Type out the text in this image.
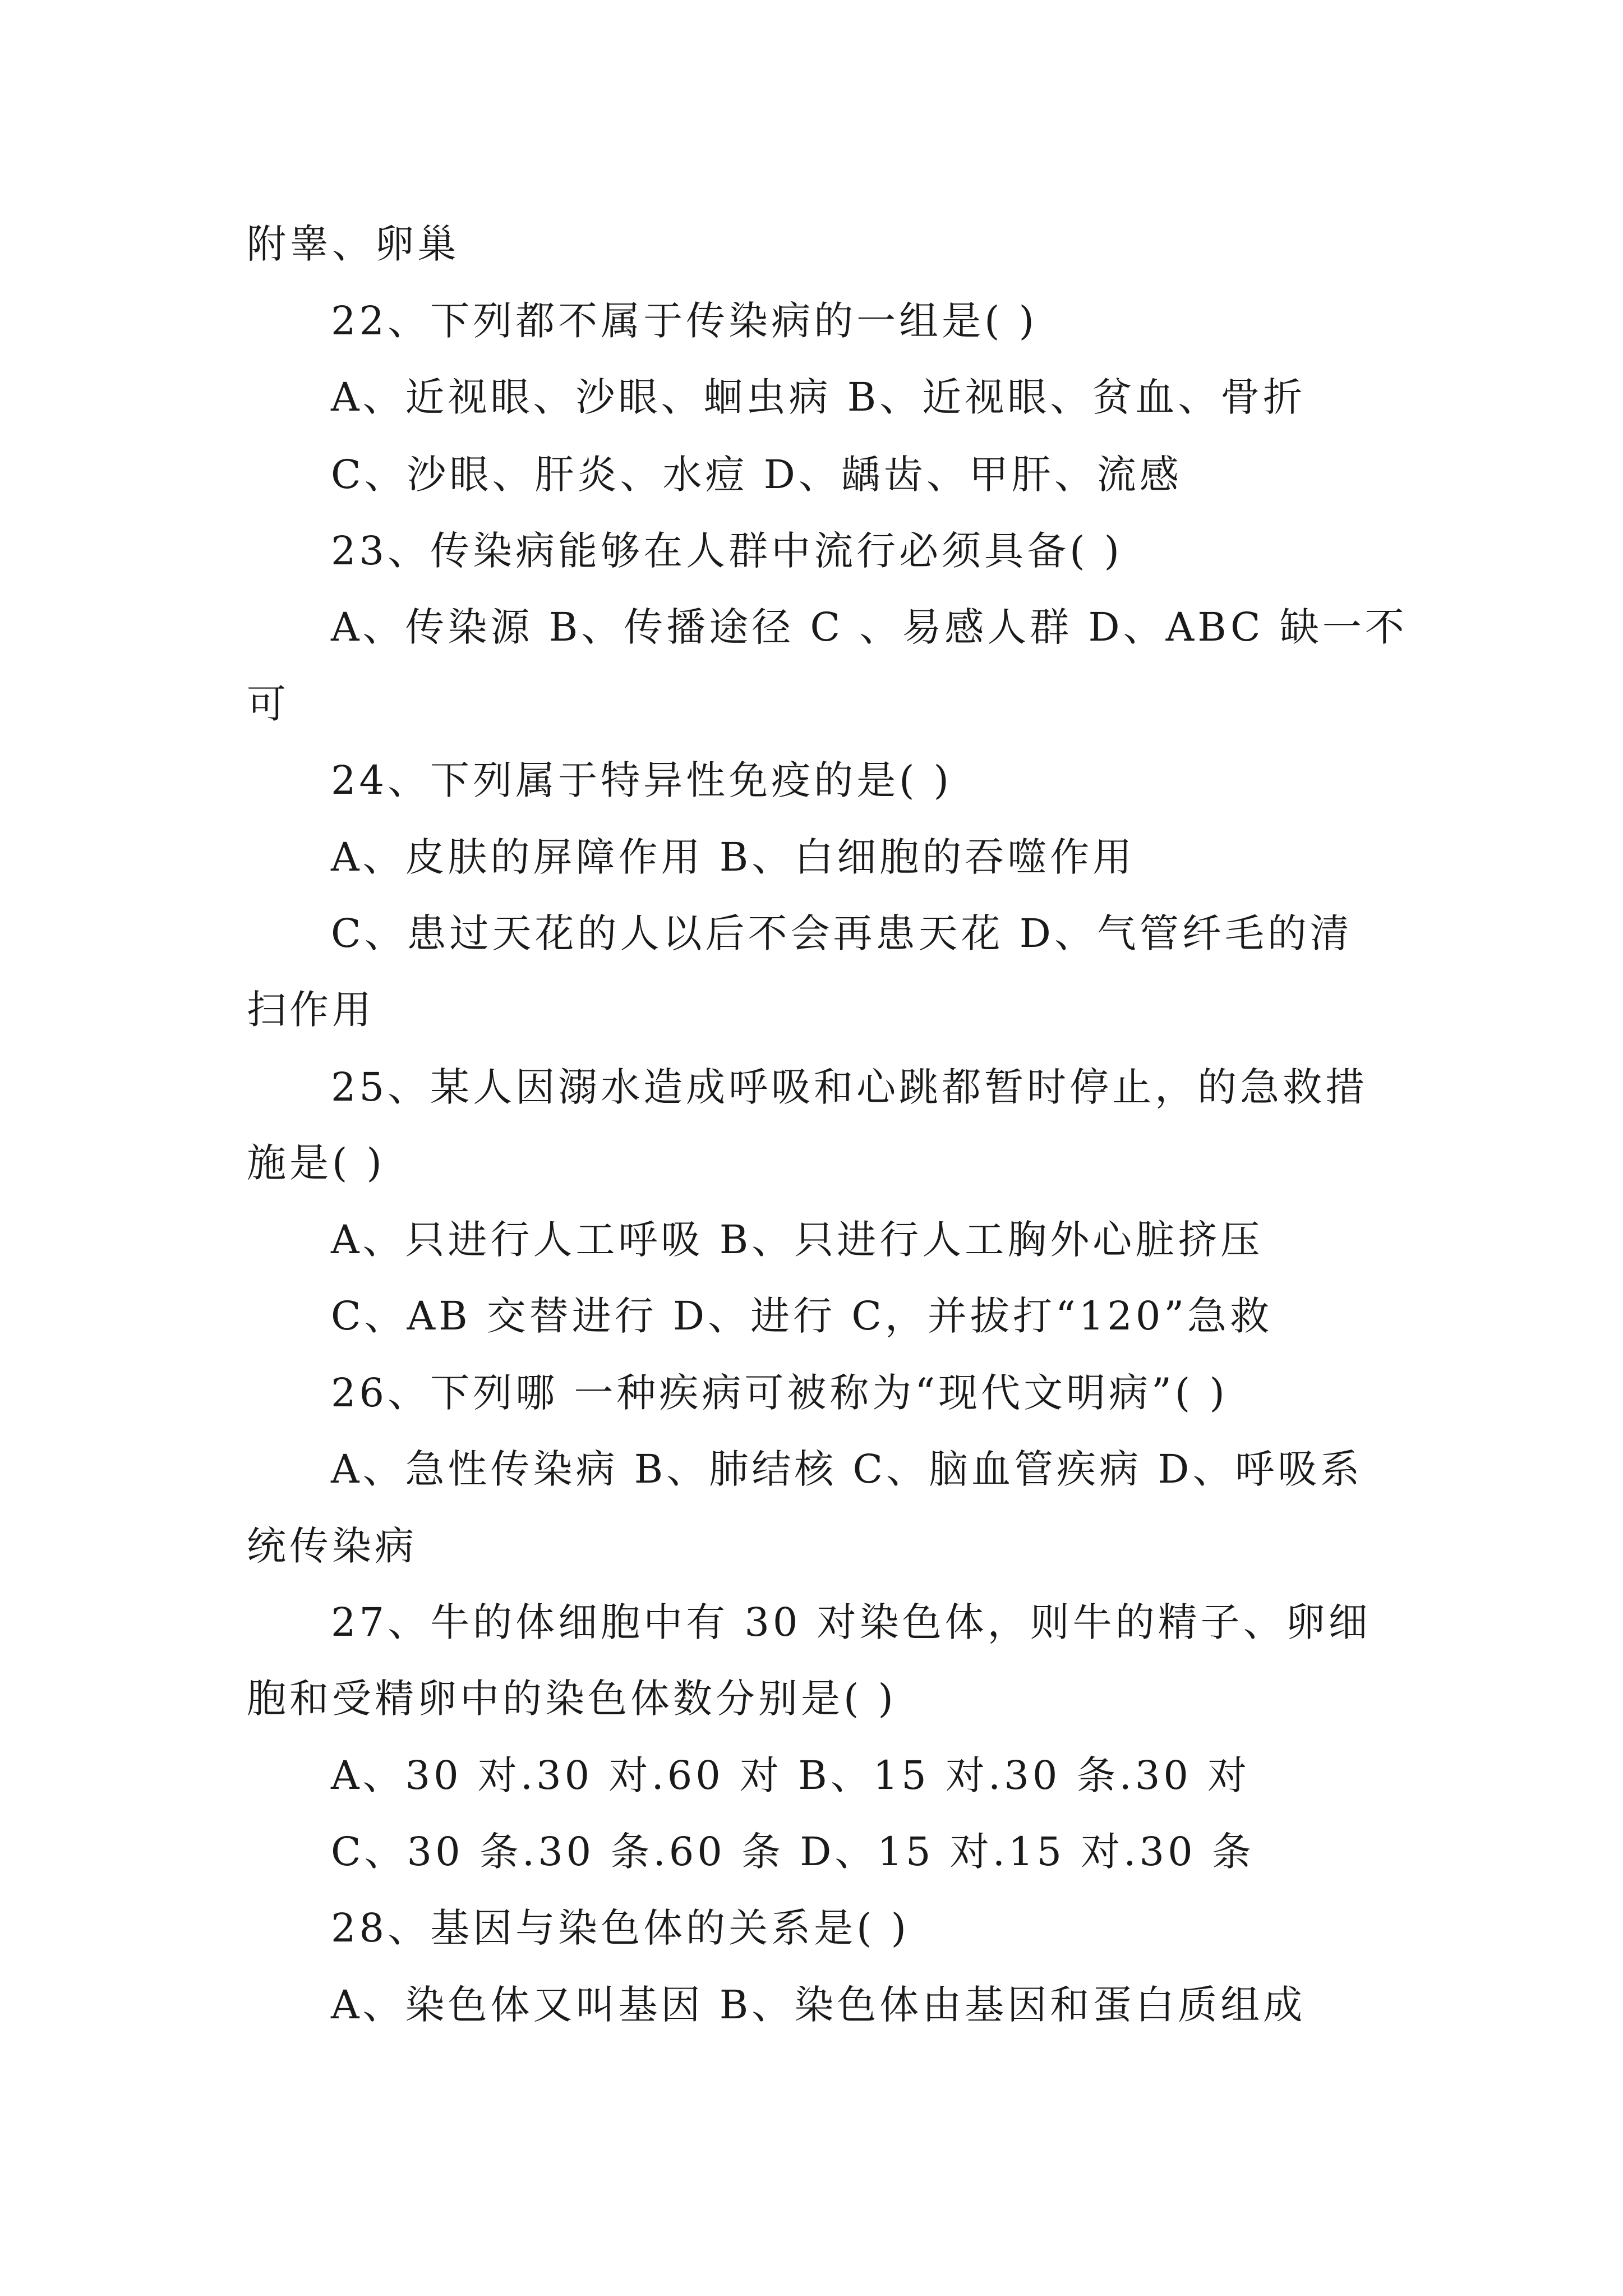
附睾、卵巢
22、下列都不属于传染病的一组是( )
A、近视眼、沙眼、蛔虫病 B、近视眼、贫血、骨折
C、沙眼、肝炎、水痘 D、龋齿、甲肝、流感
23、传染病能够在人群中流行必须具备( )
A、传染源 B、传播途径 C 、易感人群 D、ABC 缺一不
可
24、下列属于特异性免疫的是( )
A、皮肤的屏障作用 B、白细胞的吞噬作用
C、患过天花的人以后不会再患天花 D、气管纤毛的清
扫作用
25、某人因溺水造成呼吸和心跳都暂时停止，的急救措
施是( )
A、只进行人工呼吸 B、只进行人工胸外心脏挤压
C、AB 交替进行 D、进行 C，并拔打“120”急救
26、下列哪 一种疾病可被称为“现代文明病”( )
A、急性传染病 B、肺结核 C、脑血管疾病 D、呼吸系
统传染病
27、牛的体细胞中有 30 对染色体，则牛的精子、卵细
胞和受精卵中的染色体数分别是( )
A、30 对.30 对.60 对 B、15 对.30 条.30 对
C、30 条.30 条.60 条 D、15 对.15 对.30 条
28、基因与染色体的关系是( )
A、染色体又叫基因 B、染色体由基因和蛋白质组成
